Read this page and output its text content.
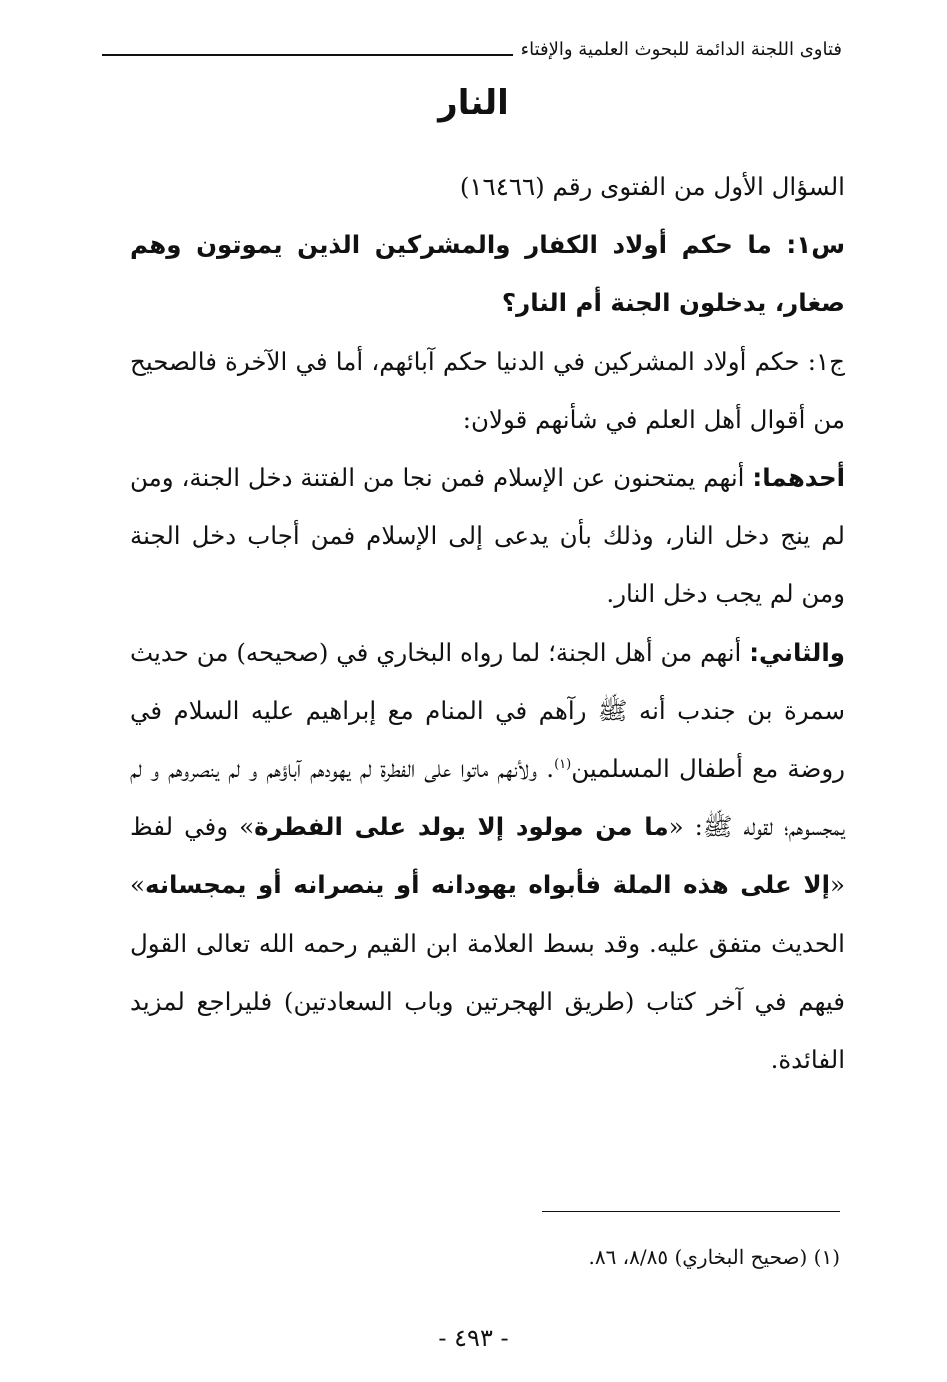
فتاوى اللجنة الدائمة للبحوث العلمية والإفتاء
النار

السؤال الأول من الفتوى رقم (١٦٤٦٦)

س١: ما حكم أولاد الكفار والمشركين الذين يموتون وهم صغار، يدخلون الجنة أم النار؟

ج١: حكم أولاد المشركين في الدنيا حكم آبائهم، أما في الآخرة فالصحيح من أقوال أهل العلم في شأنهم قولان:

أحدهما: أنهم يمتحنون عن الإسلام فمن نجا من الفتنة دخل الجنة، ومن لم ينج دخل النار، وذلك بأن يدعى إلى الإسلام فمن أجاب دخل الجنة ومن لم يجب دخل النار.

والثاني: أنهم من أهل الجنة؛ لما رواه البخاري في (صحيحه) من حديث سمرة بن جندب أنه ﷺ رآهم في المنام مع إبراهيم عليه السلام في روضة مع أطفال المسلمين$^{(١)}$. ولأنهم ماتوا على الفطرة لم يهودهم آباؤهم و لم ينصروهم و لم يمجسوهم؛ لقوله ﷺ: «ما من مولود إلا يولد على الفطرة» وفي لفظ «إلا على هذه الملة فأبواه يهودانه أو ينصرانه أو يمجسانه» الحديث متفق عليه. وقد بسط العلامة ابن القيم رحمه الله تعالى القول فيهم في آخر كتاب (طريق الهجرتين وباب السعادتين) فليراجع لمزيد الفائدة.

(١) (صحيح البخاري) ٨/٨٥، ٨٦.
- ٤٩٣ -
